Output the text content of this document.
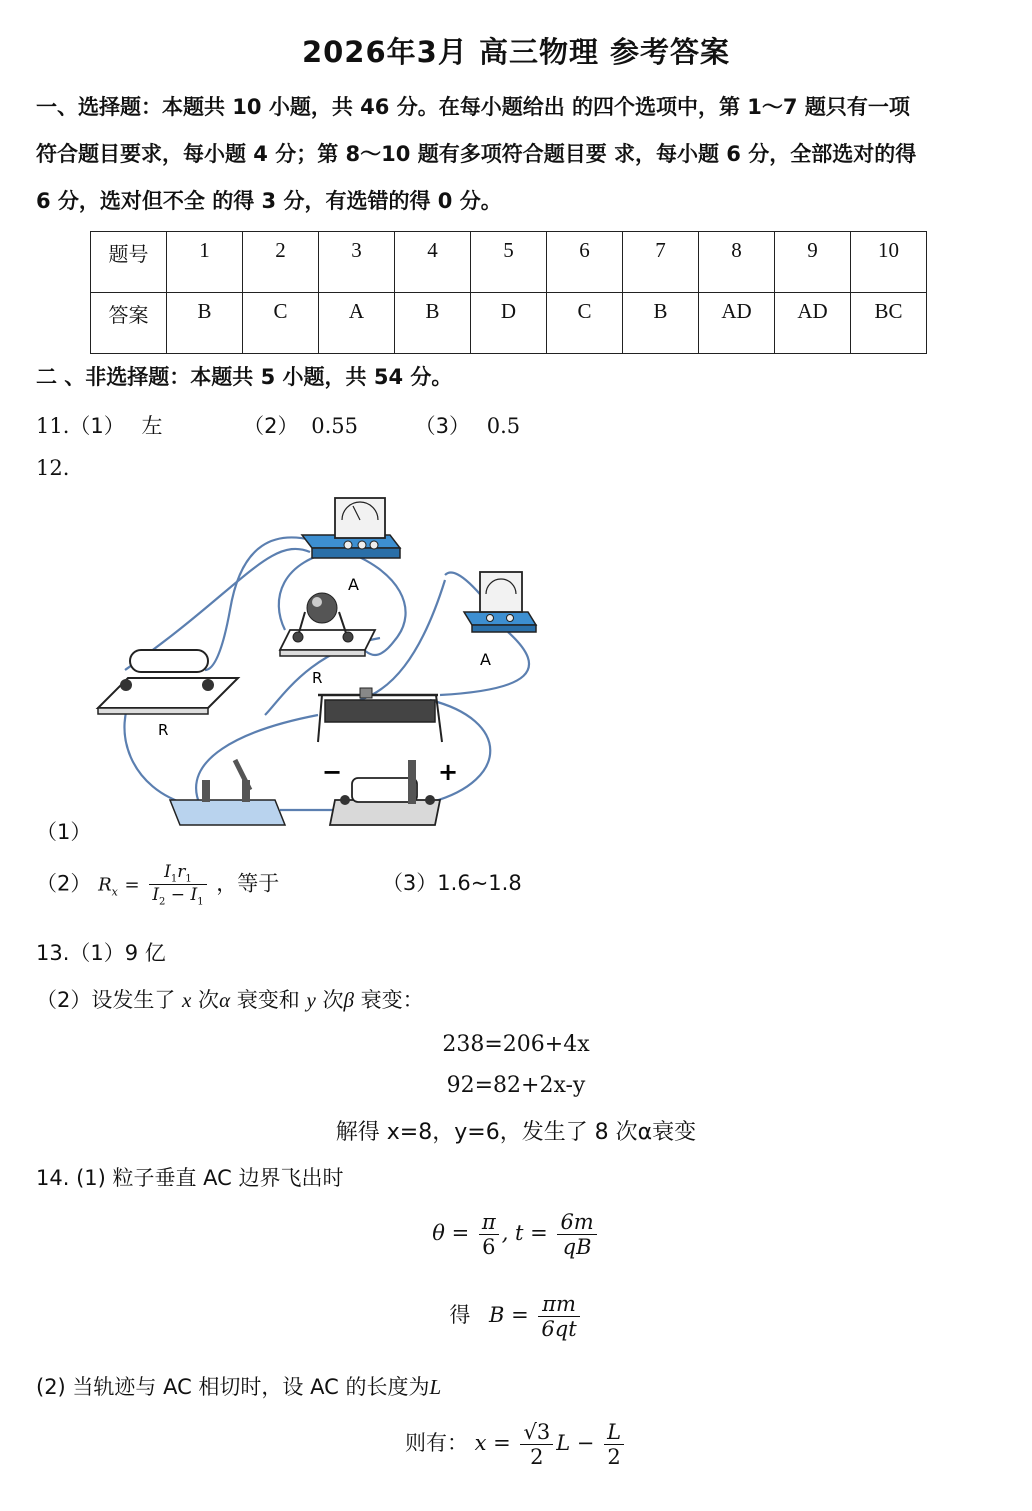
2026年3月 高三物理 参考答案
一、选择题：本题共 10 小题，共 46 分。在每小题给出 的四个选项中，第 1～7 题只有一项
符合题目要求，每小题 4 分；第 8～10 题有多项符合题目要 求，每小题 6 分，全部选对的得
6 分，选对但不全 的得 3 分，有选错的得 0 分。
题号	1	2	3	4	5	6	7	8	9	10
答案	B	C	A	B	D	C	B	AD	AD	BC
二 、非选择题：本题共 5 小题，共 54 分。
11.（1） 左	（2） 0.55	（3） 0.5
12.
A
A
R
R
−	+
（1）
（2） $R_x = \frac{I_1r_1}{I_2 - I_1}$ ，等于	（3）1.6~1.8
13.（1）9 亿
（2）设发生了 x 次α 衰变和 y 次β 衰变：
238=206+4x
92=82+2x-y
解得 x=8，y=6，发生了 8 次α衰变
14. (1) 粒子垂直 AC 边界飞出时
$\theta = \frac{\pi}{6}$ , $t = \frac{6m}{qB}$
得 $B = \frac{\pi m}{6qt}$
(2) 当轨迹与 AC 相切时，设 AC 的长度为L
则有： $x = \frac{√3}{2}$ $L - \frac{L}{2}$
